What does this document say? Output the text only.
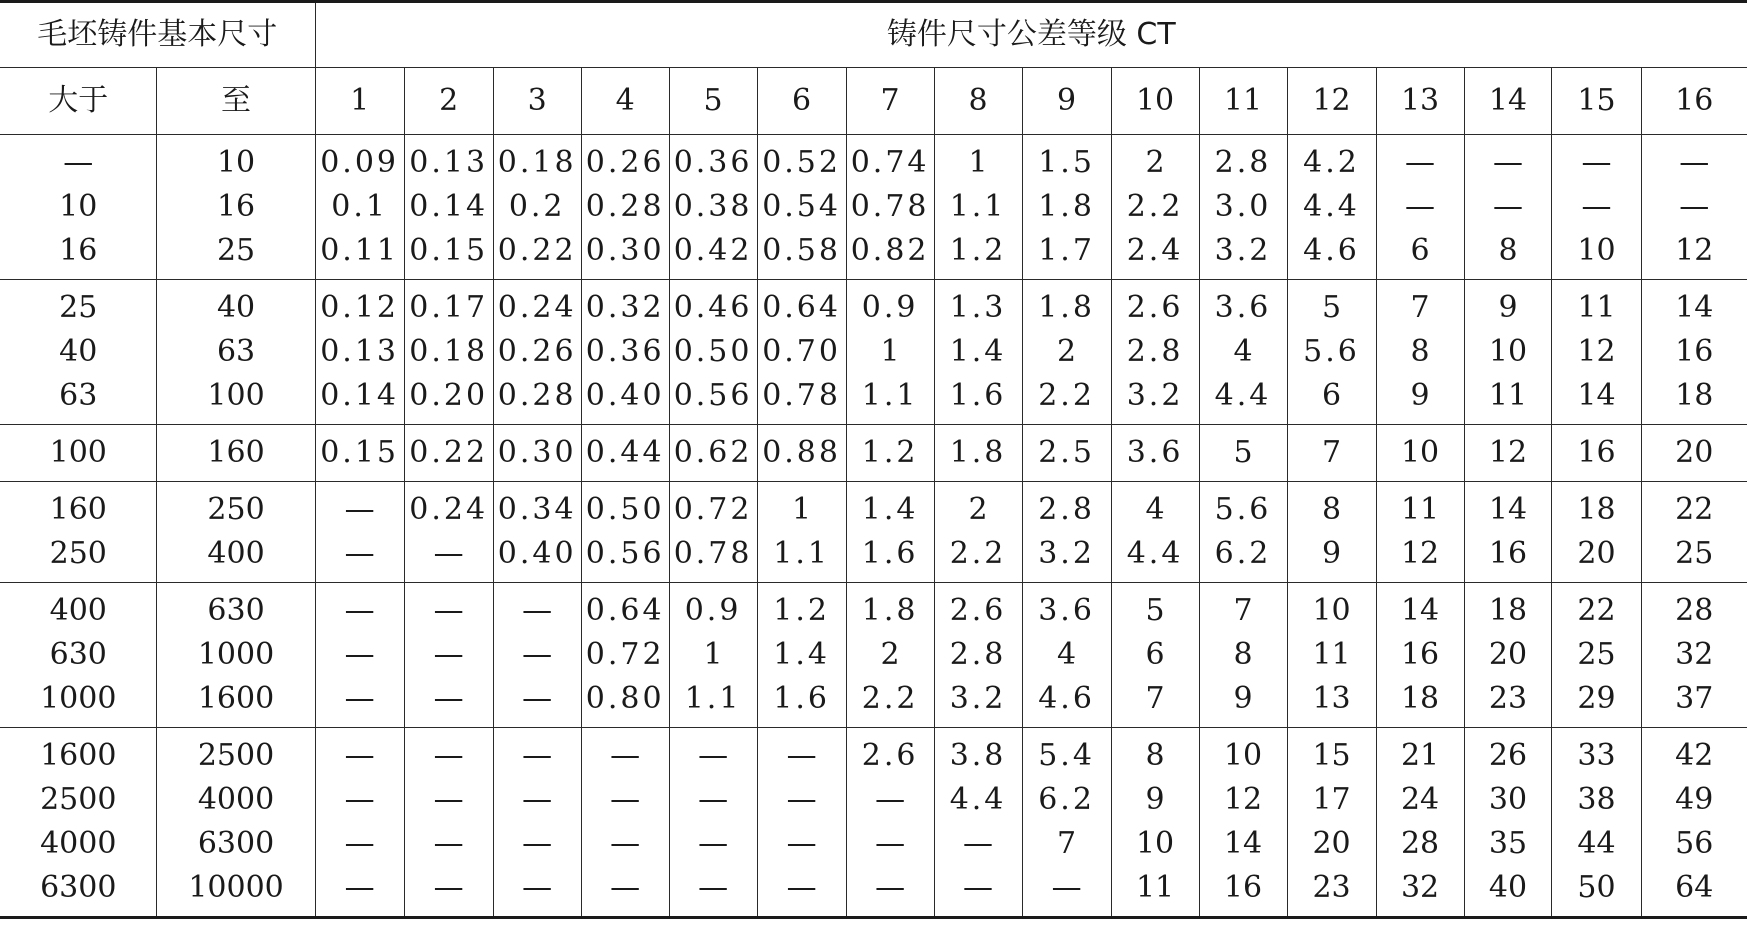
毛坯铸件基本尺寸		铸件尺寸公差等级 CT															
大于	至	1	2	3	4	5	6	7	8	9	10	11	12	13	14	15	16
—	10	0.09	0.13	0.18	0.26	0.36	0.52	0.74	1	1.5	2	2.8	4.2	—	—	—	—
10	16	0.1	0.14	0.2	0.28	0.38	0.54	0.78	1.1	1.8	2.2	3.0	4.4	—	—	—	—
16	25	0.11	0.15	0.22	0.30	0.42	0.58	0.82	1.2	1.7	2.4	3.2	4.6	6	8	10	12
25	40	0.12	0.17	0.24	0.32	0.46	0.64	0.9	1.3	1.8	2.6	3.6	5	7	9	11	14
40	63	0.13	0.18	0.26	0.36	0.50	0.70	1	1.4	2	2.8	4	5.6	8	10	12	16
63	100	0.14	0.20	0.28	0.40	0.56	0.78	1.1	1.6	2.2	3.2	4.4	6	9	11	14	18
100	160	0.15	0.22	0.30	0.44	0.62	0.88	1.2	1.8	2.5	3.6	5	7	10	12	16	20
160	250	—	0.24	0.34	0.50	0.72	1	1.4	2	2.8	4	5.6	8	11	14	18	22
250	400	—	—	0.40	0.56	0.78	1.1	1.6	2.2	3.2	4.4	6.2	9	12	16	20	25
400	630	—	—	—	0.64	0.9	1.2	1.8	2.6	3.6	5	7	10	14	18	22	28
630	1000	—	—	—	0.72	1	1.4	2	2.8	4	6	8	11	16	20	25	32
1000	1600	—	—	—	0.80	1.1	1.6	2.2	3.2	4.6	7	9	13	18	23	29	37
1600	2500	—	—	—	—	—	—	2.6	3.8	5.4	8	10	15	21	26	33	42
2500	4000	—	—	—	—	—	—	—	4.4	6.2	9	12	17	24	30	38	49
4000	6300	—	—	—	—	—	—	—	—	7	10	14	20	28	35	44	56
6300	10000	—	—	—	—	—	—	—	—	—	11	16	23	32	40	50	64
